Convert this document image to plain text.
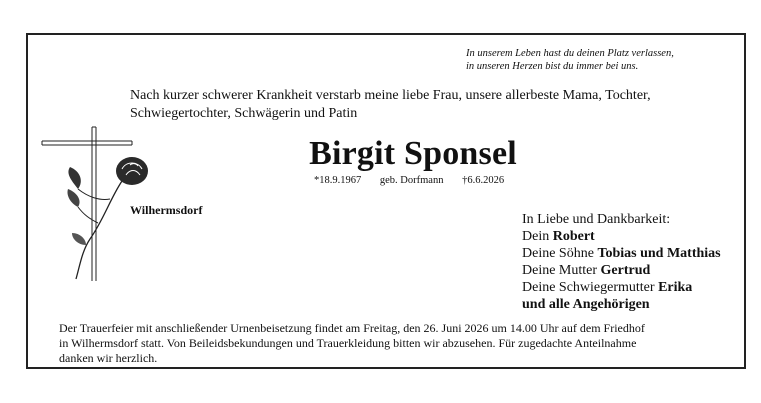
In unserem Leben hast du deinen Platz verlassen,
in unseren Herzen bist du immer bei uns.
Nach kurzer schwerer Krankheit verstarb meine liebe Frau, unsere allerbeste Mama, Tochter,
Schwiegertochter, Schwägerin und Patin
Birgit Sponsel
*18.9.1967 geb. Dorfmann †6.6.2026
Wilhermsdorf
In Liebe und Dankbarkeit:
Dein Robert
Deine Söhne Tobias und Matthias
Deine Mutter Gertrud
Deine Schwiegermutter Erika
und alle Angehörigen
Der Trauerfeier mit anschließender Urnenbeisetzung findet am Freitag, den 26. Juni 2026 um 14.00 Uhr auf dem Friedhof
in Wilhermsdorf statt. Von Beileidsbekundungen und Trauerkleidung bitten wir abzusehen. Für zugedachte Anteilnahme
danken wir herzlich.
